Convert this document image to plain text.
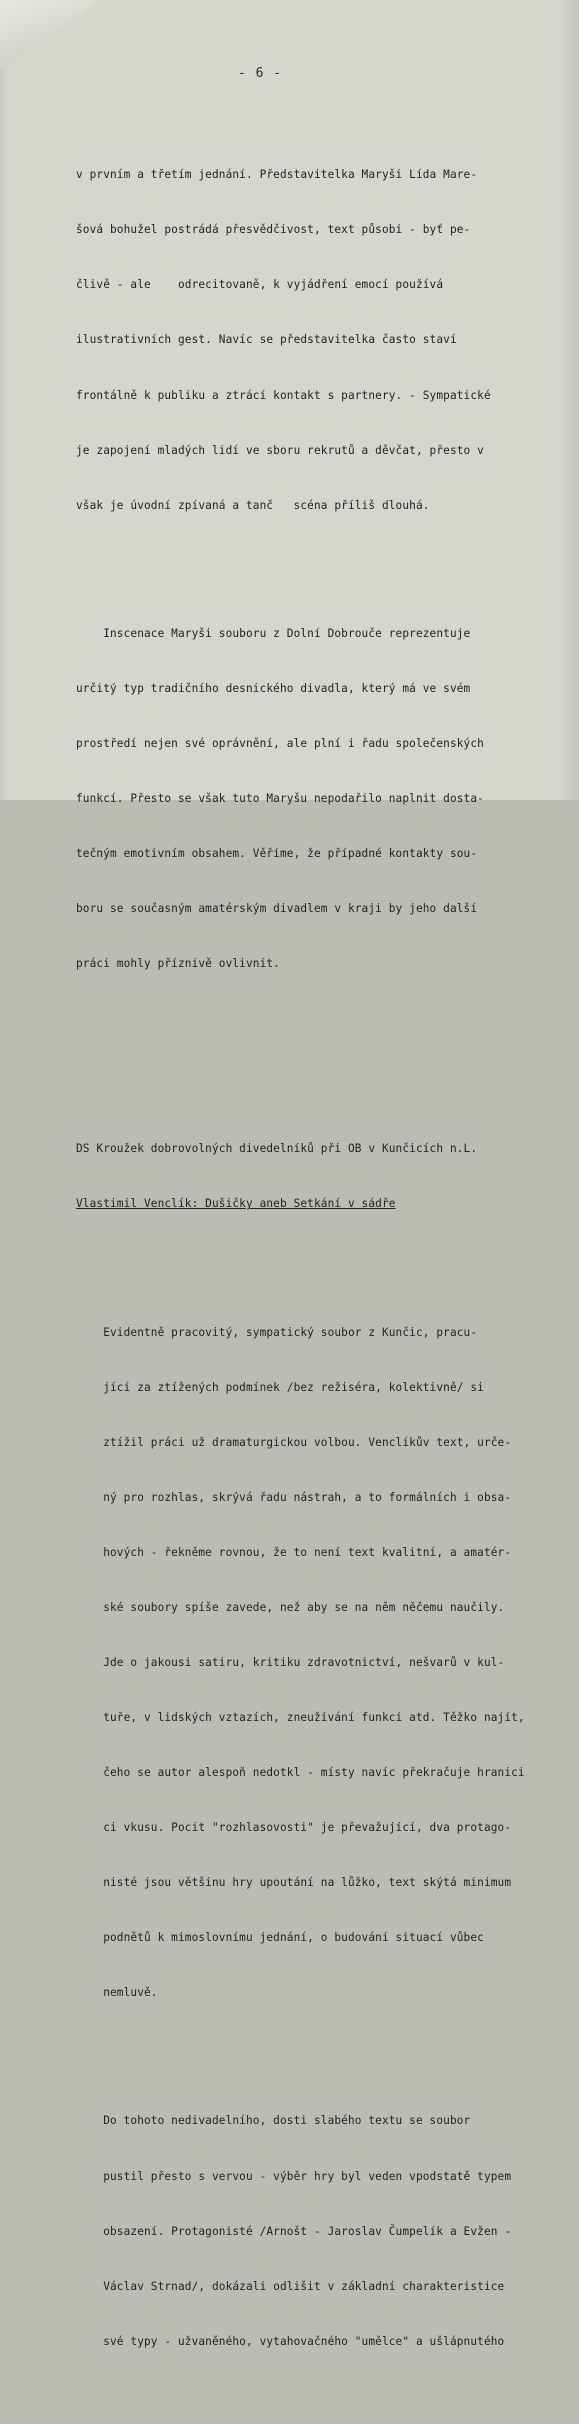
- 6 -

v prvním a třetím jednání. Představitelka Maryši Lída Mare-

šová bohužel postrádá přesvědčivost, text působí - byť pe-

člivě - ale    odrecitovaně, k vyjádření emocí používá

ilustrativních gest. Navíc se představitelka často staví

frontálně k publiku a ztrácí kontakt s partnery. - Sympatické

je zapojení mladých lidí ve sboru rekrutů a děvčat, přesto v

však je úvodní zpívaná a tanč   scéna příliš dlouhá.

Inscenace Maryši souboru z Dolní Dobrouče reprezentuje

určitý typ tradičního desnického divadla, který má ve svém

prostředí nejen své oprávnění, ale plní i řadu společenských

funkcí. Přesto se však tuto Maryšu nepodařilo naplnit dosta-

tečným emotivním obsahem. Věříme, že případné kontakty sou-

boru se současným amatérským divadlem v kraji by jeho další

práci mohly příznivě ovlivnit.

DS Kroužek dobrovolných divedelníků při OB v Kunčicích n.L.

Vlastimil Venclík: Dušičky aneb Setkání v sádře

Evidentně pracovitý, sympatický soubor z Kunčic, pracu-

jící za ztížených podmínek /bez režiséra, kolektivně/ si

ztížil práci už dramaturgickou volbou. Venclíkův text, urče-

ný pro rozhlas, skrývá řadu nástrah, a to formálních i obsa-

hových - řekněme rovnou, že to není text kvalitní, a amatér-

ské soubory spíše zavede, než aby se na něm něčemu naučily.

Jde o jakousi satiru, kritiku zdravotnictví, nešvarů v kul-

tuře, v lidských vztazích, zneužívání funkcí atd. Těžko najít,

čeho se autor alespoň nedotkl - místy navíc překračuje hranici

ci vkusu. Pocit "rozhlasovosti" je převažující, dva protago-

nisté jsou většinu hry upoutání na lůžko, text skýtá minimum

podnětů k mimoslovnímu jednání, o budování situací vůbec

nemluvě.

Do tohoto nedivadelního, dosti slabého textu se soubor

pustil přesto s vervou - výběr hry byl veden vpodstatě typem

obsazení. Protagonisté /Arnošt - Jaroslav Čumpelík a Evžen -

Václav Strnad/, dokázali odlišit v základní charakteristice

své typy - užvaněného, vytahovačného "umělce" a ušlápnutého
